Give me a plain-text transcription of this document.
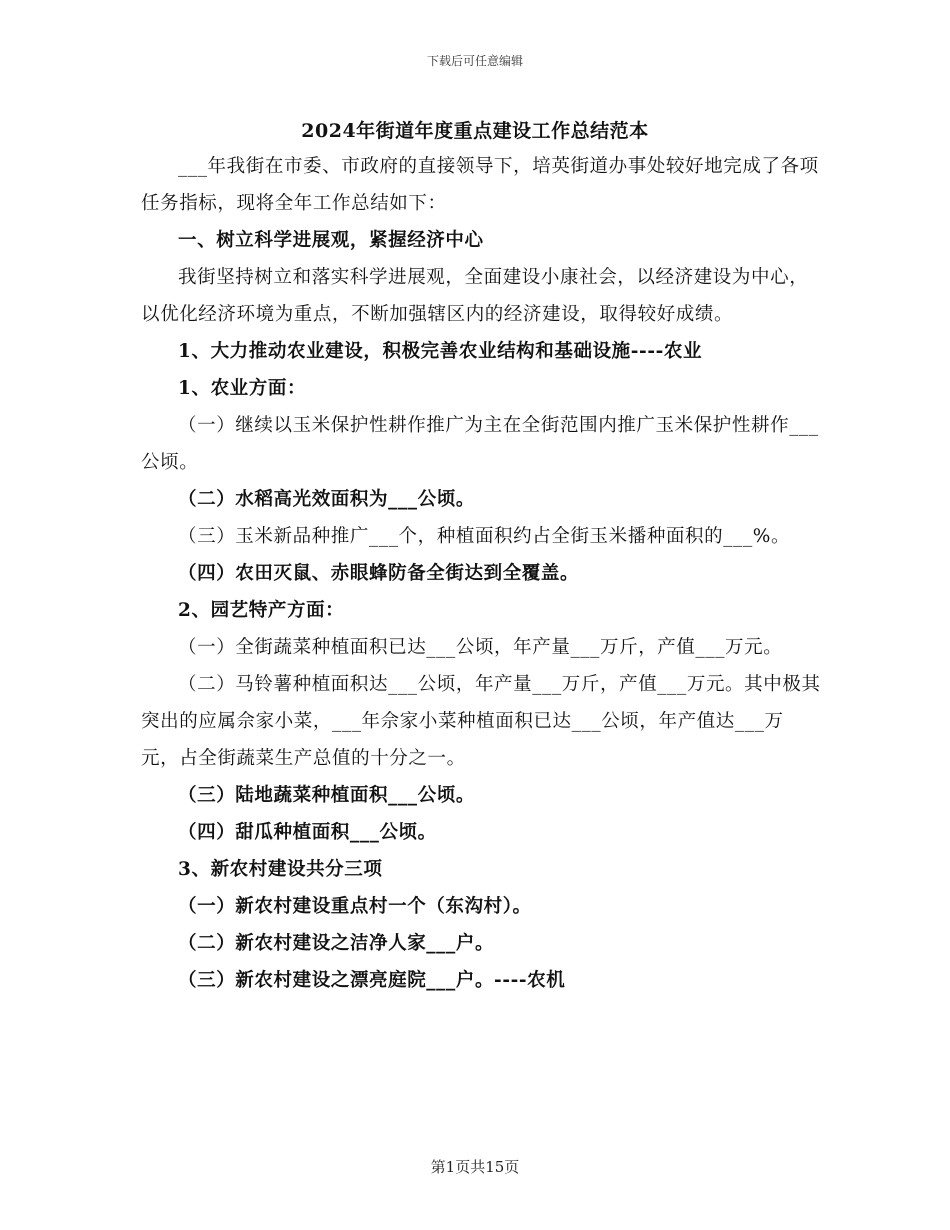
下载后可任意编辑
2024年街道年度重点建设工作总结范本

___年我街在市委、市政府的直接领导下，培英街道办事处较好地完成了各项任务指标，现将全年工作总结如下：

一、树立科学进展观，紧握经济中心

我街坚持树立和落实科学进展观，全面建设小康社会，以经济建设为中心，以优化经济环境为重点，不断加强辖区内的经济建设，取得较好成绩。

1、大力推动农业建设，积极完善农业结构和基础设施----农业

1、农业方面：

（一）继续以玉米保护性耕作推广为主在全街范围内推广玉米保护性耕作___公顷。

（二）水稻高光效面积为___公顷。

（三）玉米新品种推广___个，种植面积约占全街玉米播种面积的___%。

（四）农田灭鼠、赤眼蜂防备全街达到全覆盖。

2、园艺特产方面：

（一）全街蔬菜种植面积已达___公顷，年产量___万斤，产值___万元。

（二）马铃薯种植面积达___公顷，年产量___万斤，产值___万元。其中极其突出的应属佘家小菜，___年佘家小菜种植面积已达___公顷，年产值达___万元，占全街蔬菜生产总值的十分之一。

（三）陆地蔬菜种植面积___公顷。

（四）甜瓜种植面积___公顷。

3、新农村建设共分三项

（一）新农村建设重点村一个（东沟村）。

（二）新农村建设之洁净人家___户。

（三）新农村建设之漂亮庭院___户。----农机

第1页共15页
